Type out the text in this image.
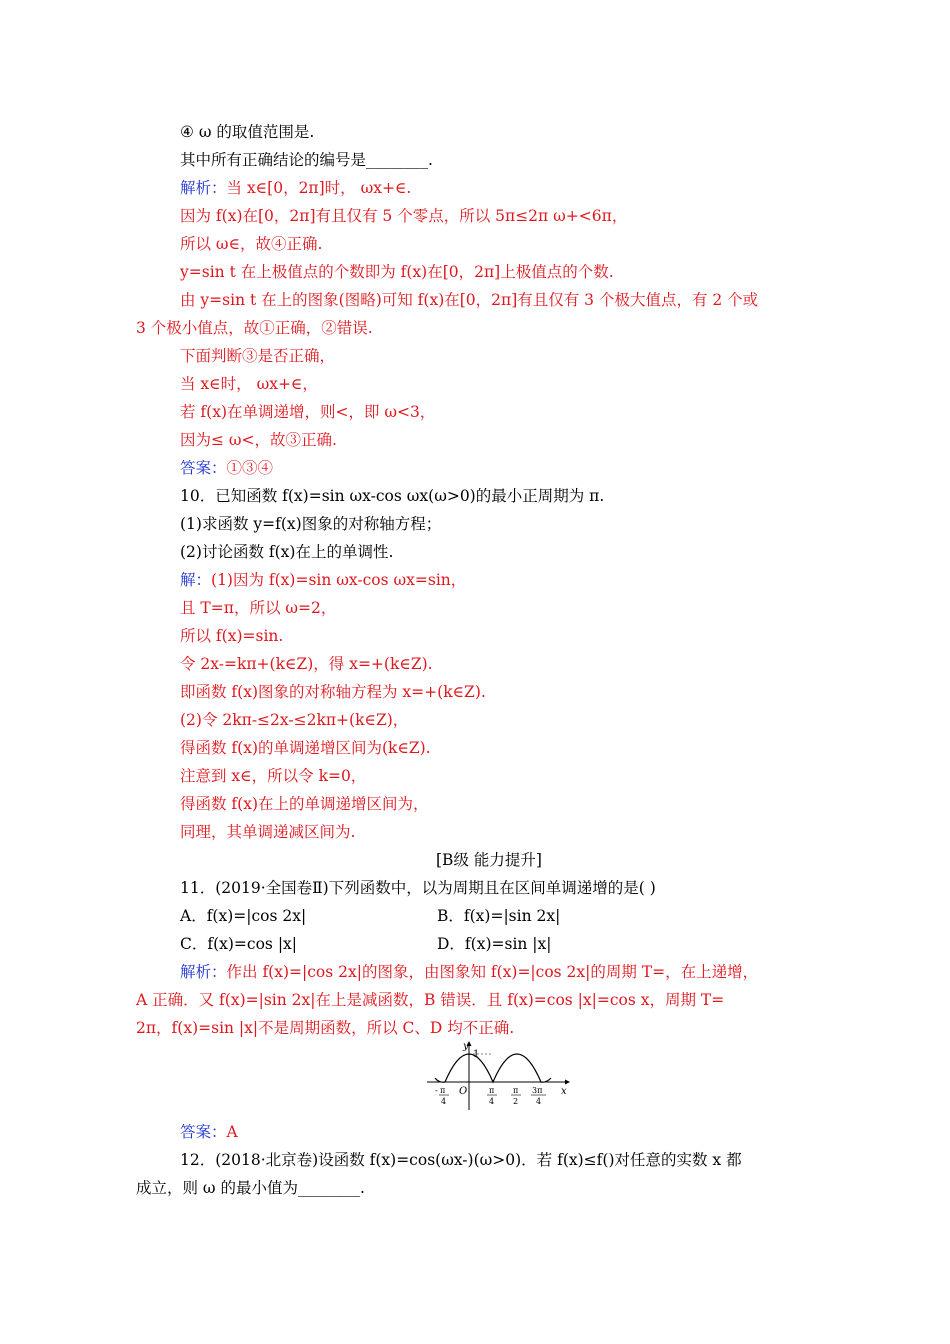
④ ω 的取值范围是.
其中所有正确结论的编号是________.
解析：当 x∈[0，2π]时， ωx+∈.
因为 f(x)在[0，2π]有且仅有 5 个零点，所以 5π≤2π ω+<6π，
所以 ω∈，故④正确.
y=sin t 在上极值点的个数即为 f(x)在[0，2π]上极值点的个数.
由 y=sin t 在上的图象(图略)可知 f(x)在[0，2π]有且仅有 3 个极大值点，有 2 个或
3 个极小值点，故①正确，②错误.
下面判断③是否正确，
当 x∈时， ωx+∈，
若 f(x)在单调递增，则<，即 ω<3，
因为≤ ω<，故③正确.
答案：①③④
10．已知函数 f(x)=sin ωx-cos ωx(ω>0)的最小正周期为 π.
(1)求函数 y=f(x)图象的对称轴方程；
(2)讨论函数 f(x)在上的单调性.
解：(1)因为 f(x)=sin ωx-cos ωx=sin，
且 T=π，所以 ω=2，
所以 f(x)=sin.
令 2x-=kπ+(k∈Z)，得 x=+(k∈Z).
即函数 f(x)图象的对称轴方程为 x=+(k∈Z).
(2)令 2kπ-≤2x-≤2kπ+(k∈Z)，
得函数 f(x)的单调递增区间为(k∈Z).
注意到 x∈，所以令 k=0，
得函数 f(x)在上的单调递增区间为，
同理，其单调递减区间为.
[B级 能力提升]
11．(2019·全国卷Ⅱ)下列函数中，以为周期且在区间单调递增的是( )
A．f(x)=|cos 2x|	B．f(x)=|sin 2x|
C．f(x)=cos |x|	D．f(x)=sin |x|
解析：作出 f(x)=|cos 2x|的图象，由图象知 f(x)=|cos 2x|的周期 T=，在上递增，
A 正确．又 f(x)=|sin 2x|在上是减函数，B 错误．且 f(x)=cos |x|=cos x，周期 T=
2π，f(x)=sin |x|不是周期函数，所以 C、D 均不正确.
y
x
O
1
- π
4
π
4
π
2
3π
4
答案：A
12．(2018·北京卷)设函数 f(x)=cos(ωx-)(ω>0)．若 f(x)≤f()对任意的实数 x 都
成立，则 ω 的最小值为________.
